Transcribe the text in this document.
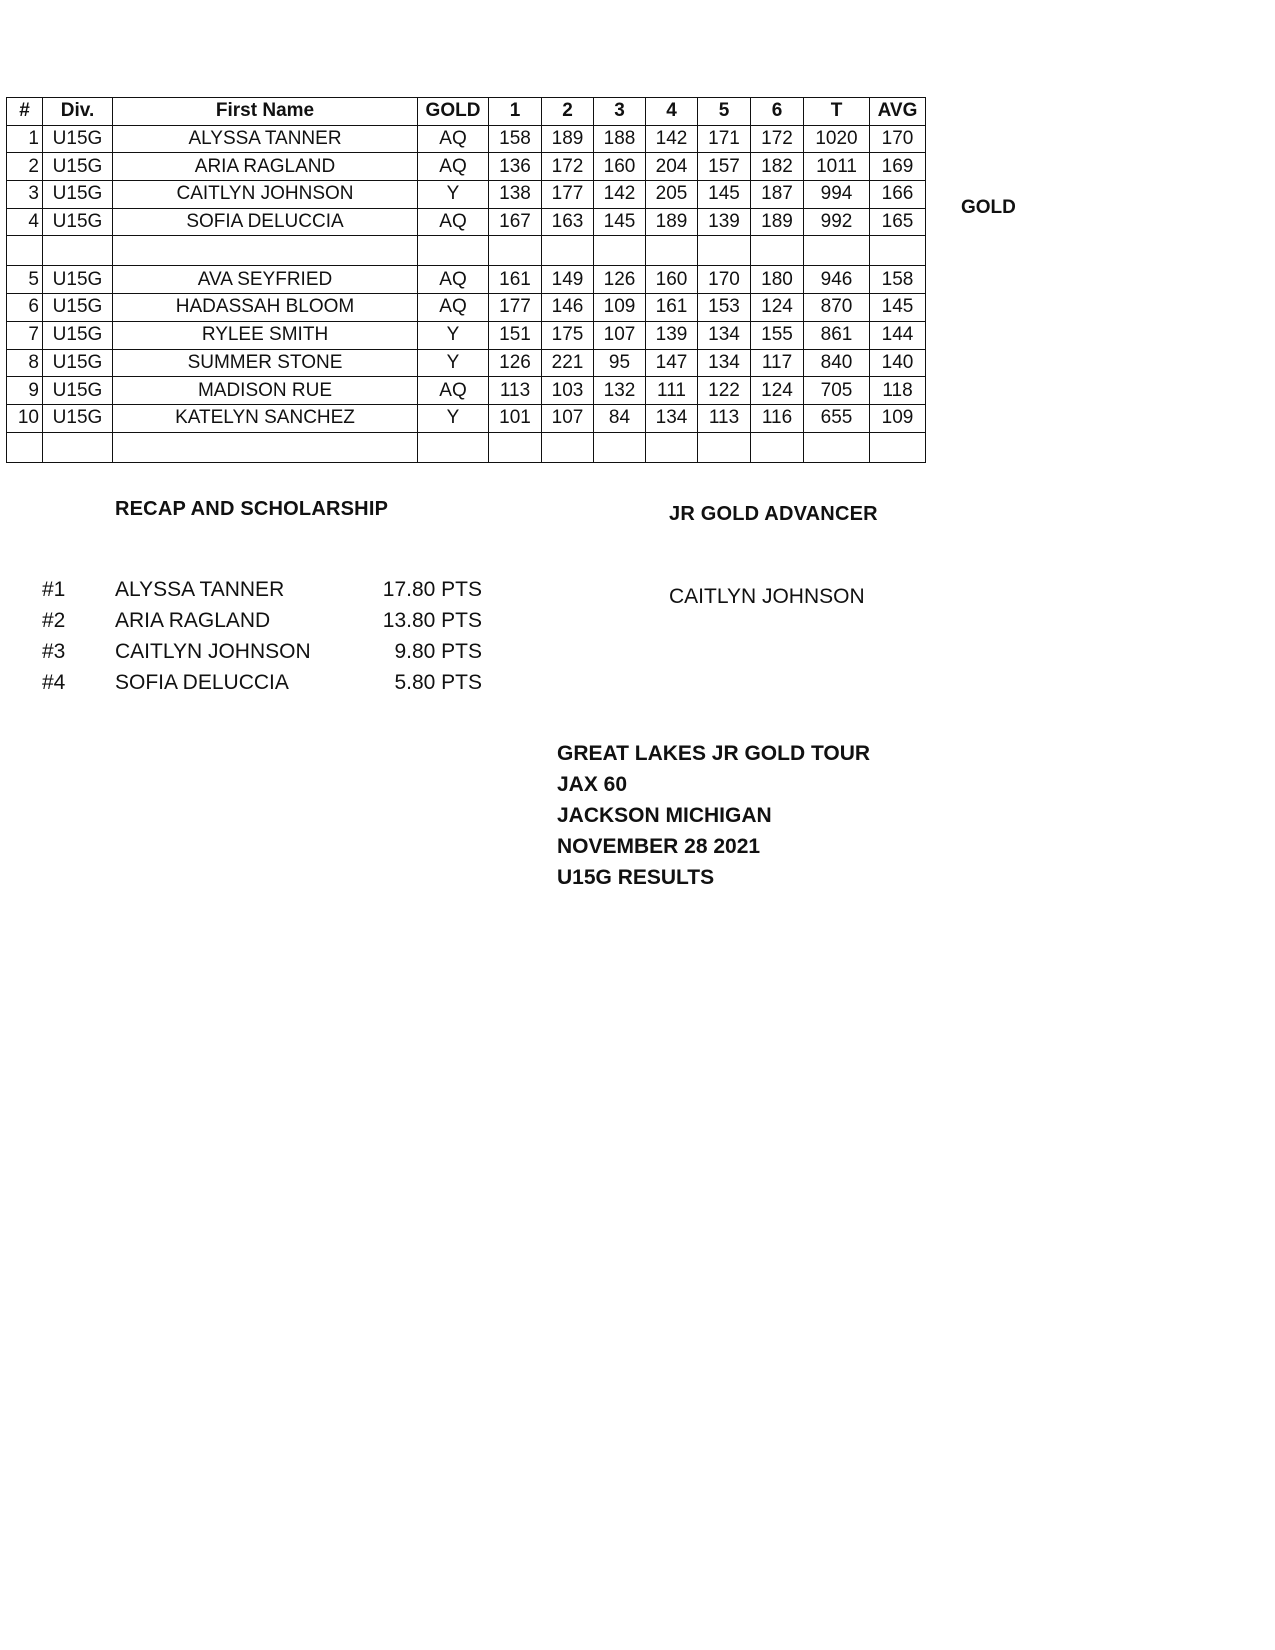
#	Div.	First Name	GOLD	1	2	3	4	5	6	T	AVG
1	U15G	ALYSSA TANNER	AQ	158	189	188	142	171	172	1020	170
2	U15G	ARIA RAGLAND	AQ	136	172	160	204	157	182	1011	169
3	U15G	CAITLYN JOHNSON	Y	138	177	142	205	145	187	994	166
4	U15G	SOFIA DELUCCIA	AQ	167	163	145	189	139	189	992	165

5	U15G	AVA SEYFRIED	AQ	161	149	126	160	170	180	946	158
6	U15G	HADASSAH BLOOM	AQ	177	146	109	161	153	124	870	145
7	U15G	RYLEE SMITH	Y	151	175	107	139	134	155	861	144
8	U15G	SUMMER STONE	Y	126	221	95	147	134	117	840	140
9	U15G	MADISON RUE	AQ	113	103	132	111	122	124	705	118
10	U15G	KATELYN SANCHEZ	Y	101	107	84	134	113	116	655	109

GOLD
RECAP AND SCHOLARSHIP
#1 ALYSSA TANNER	17.80 PTS
#2 ARIA RAGLAND	13.80 PTS
#3 CAITLYN JOHNSON	9.80 PTS
#4 SOFIA DELUCCIA	5.80 PTS
JR GOLD ADVANCER
CAITLYN JOHNSON
GREAT LAKES JR GOLD TOUR
JAX 60
JACKSON MICHIGAN
NOVEMBER 28 2021
U15G RESULTS
